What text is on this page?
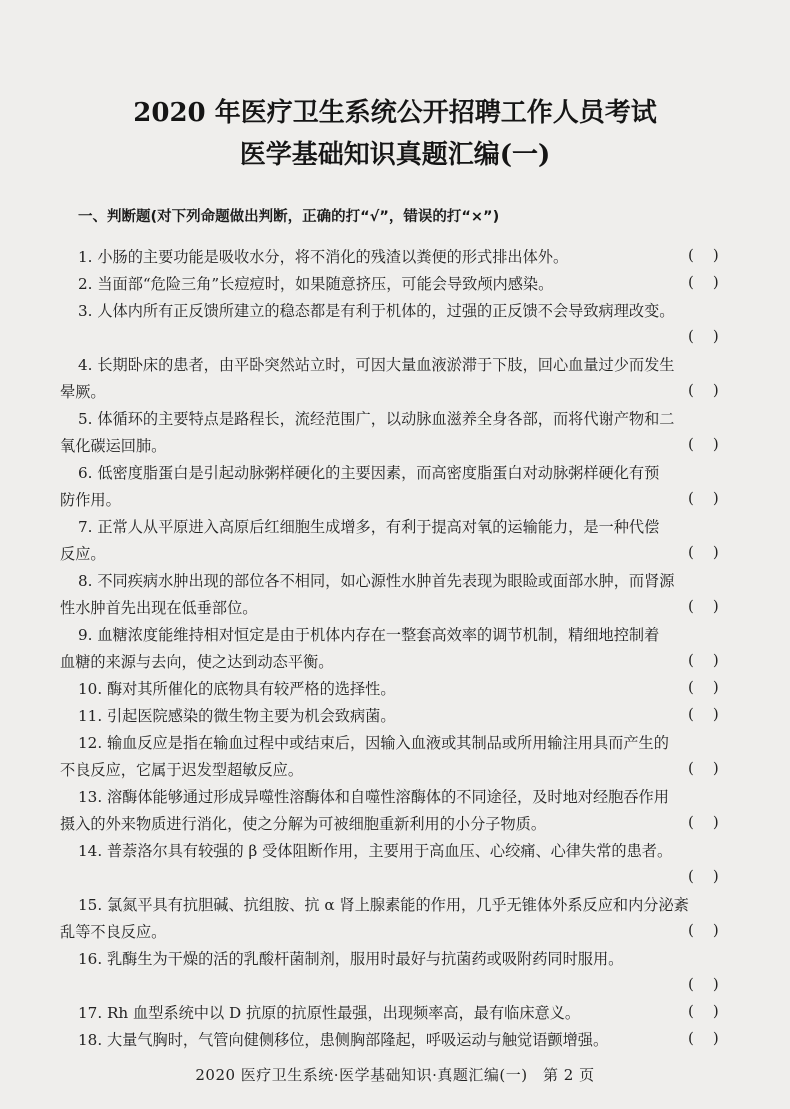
2020 年医疗卫生系统公开招聘工作人员考试
医学基础知识真题汇编(一)
一、判断题(对下列命题做出判断，正确的打“√”，错误的打“×”)
1. 小肠的主要功能是吸收水分，将不消化的残渣以粪便的形式排出体外。	(    )
2. 当面部“危险三角”长痘痘时，如果随意挤压，可能会导致颅内感染。	(    )
3. 人体内所有正反馈所建立的稳态都是有利于机体的，过强的正反馈不会导致病理改变。
(    )
4. 长期卧床的患者，由平卧突然站立时，可因大量血液淤滞于下肢，回心血量过少而发生
晕厥。	(    )
5. 体循环的主要特点是路程长，流经范围广，以动脉血滋养全身各部，而将代谢产物和二
氧化碳运回肺。	(    )
6. 低密度脂蛋白是引起动脉粥样硬化的主要因素，而高密度脂蛋白对动脉粥样硬化有预
防作用。	(    )
7. 正常人从平原进入高原后红细胞生成增多，有利于提高对氧的运输能力，是一种代偿
反应。	(    )
8. 不同疾病水肿出现的部位各不相同，如心源性水肿首先表现为眼睑或面部水肿，而肾源
性水肿首先出现在低垂部位。	(    )
9. 血糖浓度能维持相对恒定是由于机体内存在一整套高效率的调节机制，精细地控制着
血糖的来源与去向，使之达到动态平衡。	(    )
10. 酶对其所催化的底物具有较严格的选择性。	(    )
11. 引起医院感染的微生物主要为机会致病菌。	(    )
12. 输血反应是指在输血过程中或结束后，因输入血液或其制品或所用输注用具而产生的
不良反应，它属于迟发型超敏反应。	(    )
13. 溶酶体能够通过形成异噬性溶酶体和自噬性溶酶体的不同途径，及时地对经胞吞作用
摄入的外来物质进行消化，使之分解为可被细胞重新利用的小分子物质。	(    )
14. 普萘洛尔具有较强的 β 受体阻断作用，主要用于高血压、心绞痛、心律失常的患者。
(    )
15. 氯氮平具有抗胆碱、抗组胺、抗 α 肾上腺素能的作用，几乎无锥体外系反应和内分泌紊
乱等不良反应。	(    )
16. 乳酶生为干燥的活的乳酸杆菌制剂，服用时最好与抗菌药或吸附药同时服用。
(    )
17. Rh 血型系统中以 D 抗原的抗原性最强，出现频率高，最有临床意义。	(    )
18. 大量气胸时，气管向健侧移位，患侧胸部隆起，呼吸运动与触觉语颤增强。	(    )
2020 医疗卫生系统·医学基础知识·真题汇编(一)　第 2 页
